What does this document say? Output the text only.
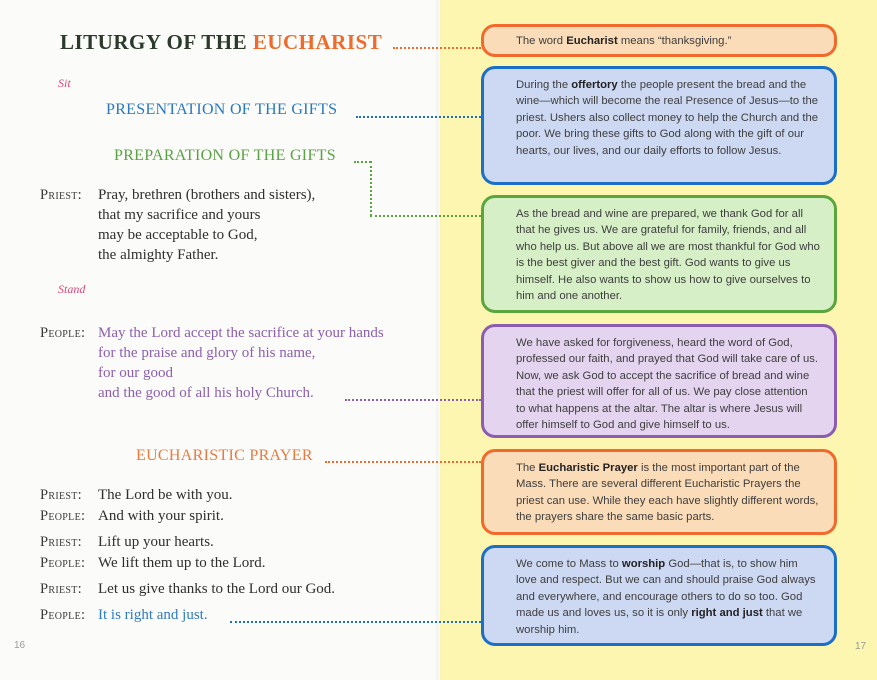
LITURGY OF THE EUCHARIST
Sit
PRESENTATION OF THE GIFTS
PREPARATION OF THE GIFTS
Priest: Pray, brethren (brothers and sisters),
that my sacrifice and yours
may be acceptable to God,
the almighty Father.
Stand
People: May the Lord accept the sacrifice at your hands
for the praise and glory of his name,
for our good
and the good of all his holy Church.
EUCHARISTIC PRAYER
Priest: The Lord be with you.
People: And with your spirit.
Priest: Lift up your hearts.
People: We lift them up to the Lord.
Priest: Let us give thanks to the Lord our God.
People: It is right and just.
16	17
The word Eucharist means “thanksgiving.”
During the offertory the people present the bread and the wine—which will become the real Presence of Jesus—to the priest. Ushers also collect money to help the Church and the poor. We bring these gifts to God along with the gift of our hearts, our lives, and our daily efforts to follow Jesus.
As the bread and wine are prepared, we thank God for all that he gives us. We are grateful for family, friends, and all who help us. But above all we are most thankful for God who is the best giver and the best gift. God wants to give us himself. He also wants to show us how to give ourselves to him and one another.
We have asked for forgiveness, heard the word of God, professed our faith, and prayed that God will take care of us. Now, we ask God to accept the sacrifice of bread and wine that the priest will offer for all of us. We pay close attention to what happens at the altar. The altar is where Jesus will offer himself to God and give himself to us.
The Eucharistic Prayer is the most important part of the Mass. There are several different Eucharistic Prayers the priest can use. While they each have slightly different words, the prayers share the same basic parts.
We come to Mass to worship God—that is, to show him love and respect. But we can and should praise God always and everywhere, and encourage others to do so too. God made us and loves us, so it is only right and just that we worship him.
